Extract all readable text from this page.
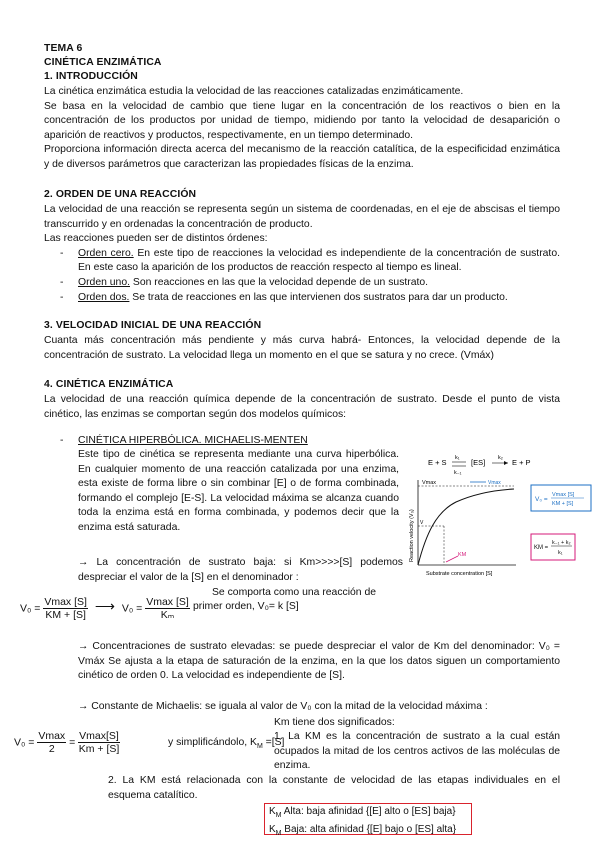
TEMA 6
CINÉTICA ENZIMÁTICA
1. INTRODUCCIÓN
La cinética enzimática estudia la velocidad de las reacciones catalizadas enzimáticamente.
Se basa en la velocidad de cambio que tiene lugar en la concentración de los reactivos o bien en la concentración de los productos por unidad de tiempo, midiendo por tanto la velocidad de desaparición o aparición de reactivos y productos, respectivamente, en un tiempo determinado.
Proporciona información directa acerca del mecanismo de la reacción catalítica, de la especificidad enzimática y de diversos parámetros que caracterizan las propiedades físicas de la enzima.
2. ORDEN DE UNA REACCIÓN
La velocidad de una reacción se representa según un sistema de coordenadas, en el eje de abscisas el tiempo transcurrido y en ordenadas la concentración de producto.
Las reacciones pueden ser de distintos órdenes:
- Orden cero. En este tipo de reacciones la velocidad es independiente de la concentración de sustrato. En este caso la aparición de los productos de reacción respecto al tiempo es lineal.
- Orden uno. Son reacciones en las que la velocidad depende de un sustrato.
- Orden dos. Se trata de reacciones en las que intervienen dos sustratos para dar un producto.
3. VELOCIDAD INICIAL DE UNA REACCIÓN
Cuanta más concentración más pendiente y más curva habrá- Entonces, la velocidad depende de la concentración de sustrato. La velocidad llega un momento en el que se satura y no crece. (Vmáx)
4. CINÉTICA ENZIMÁTICA
La velocidad de una reacción química depende de la concentración de sustrato. Desde el punto de vista cinético, las enzimas se comportan según dos modelos químicos:
- CINÉTICA HIPERBÓLICA. MICHAELIS-MENTEN
Este tipo de cinética se representa mediante una curva hiperbólica. En cualquier momento de una reacción catalizada por una enzima, esta existe de forma libre o sin combinar [E] o de forma combinada, formando el complejo [E-S]. La velocidad máxima se alcanza cuando toda la enzima está en forma combinada, y podemos decir que la enzima está saturada.
E + S k₁
k₋₁
[ES] k₂ E + P
Vmax	Vmax
V
KM
Reaction velocity (V₀)
Substrate concentration [S]
V₀ =
Vmax [S]
KM + [S]
KM =
k₋₁ + k₂
k₁
→ La concentración de sustrato baja: si Km>>>>[S] podemos despreciar el valor de la [S] en el denominador :
Se comporta como una reacción de
primer orden, V₀= k [S]
$V_0 = \frac{Vmax [S]}{KM + [S]}$ ⟶ $V_0 = \frac{Vmax [S]}{\text{Kₘ}}$
→ Concentraciones de sustrato elevadas: se puede despreciar el valor de Km del denominador: V₀ = Vmáx Se ajusta a la etapa de saturación de la enzima, en la que los datos siguen un comportamiento cinético de orden 0. La velocidad es independiente de [S].
→ Constante de Michaelis: se iguala al valor de V₀ con la mitad de la velocidad máxima :
$V_0 = \frac{Vmax}{2} = \frac{Vmax[S]}{Km + [S]}$	y simplificándolo, $K_M =[S]$
Km tiene dos significados:
1. La KM es la concentración de sustrato a la cual están ocupados la mitad de los centros activos de las moléculas de enzima.
2. La KM está relacionada con la constante de velocidad de las etapas individuales en el esquema catalítico.
$K_M$ Alta: baja afinidad {[E] alto o [ES] baja}
$K_M$ Baja: alta afinidad {[E] bajo o [ES] alta}
